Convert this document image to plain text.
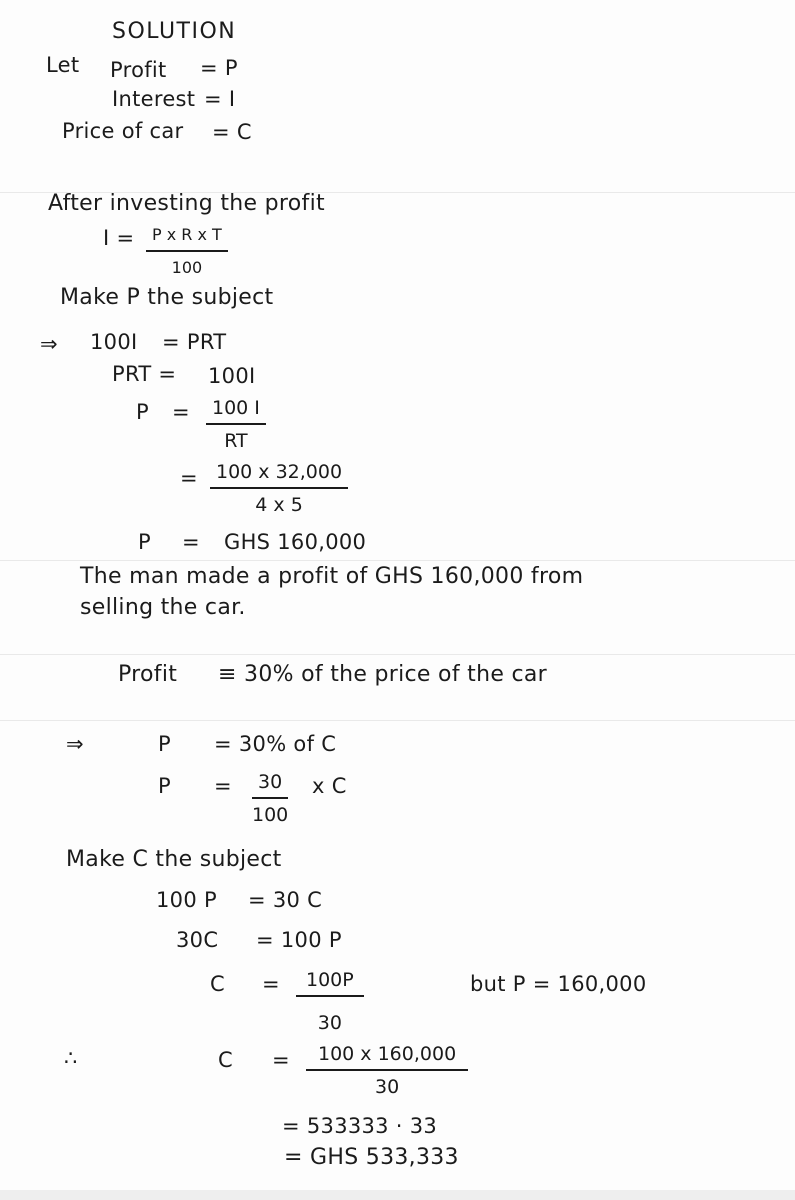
SOLUTION
Let Profit = P
Interest = I
Price of car = C
After investing the profit
$I = \frac{\text{P x R x T}}{100}$
Make P the subject
⇒ 100I = PRT
PRT = 100I
$P = \frac{100 I}{RT}$
= $\frac{100 x 32,000}{4 x 5}$
P = GHS 160,000
The man made a profit of GHS 160,000 from
selling the car.
Profit ≡ 30% of the price of the car
⇒	P = 30% of C
$P = \frac{30}{100}$ x C
Make C the subject
100 P = 30 C
30C = 100 P
$C = \frac{100P}{30}$	but P = 160,000
∴	$C = \frac{100 x 160,000}{30}$
= 533333 · 33
= GHS 533,333
